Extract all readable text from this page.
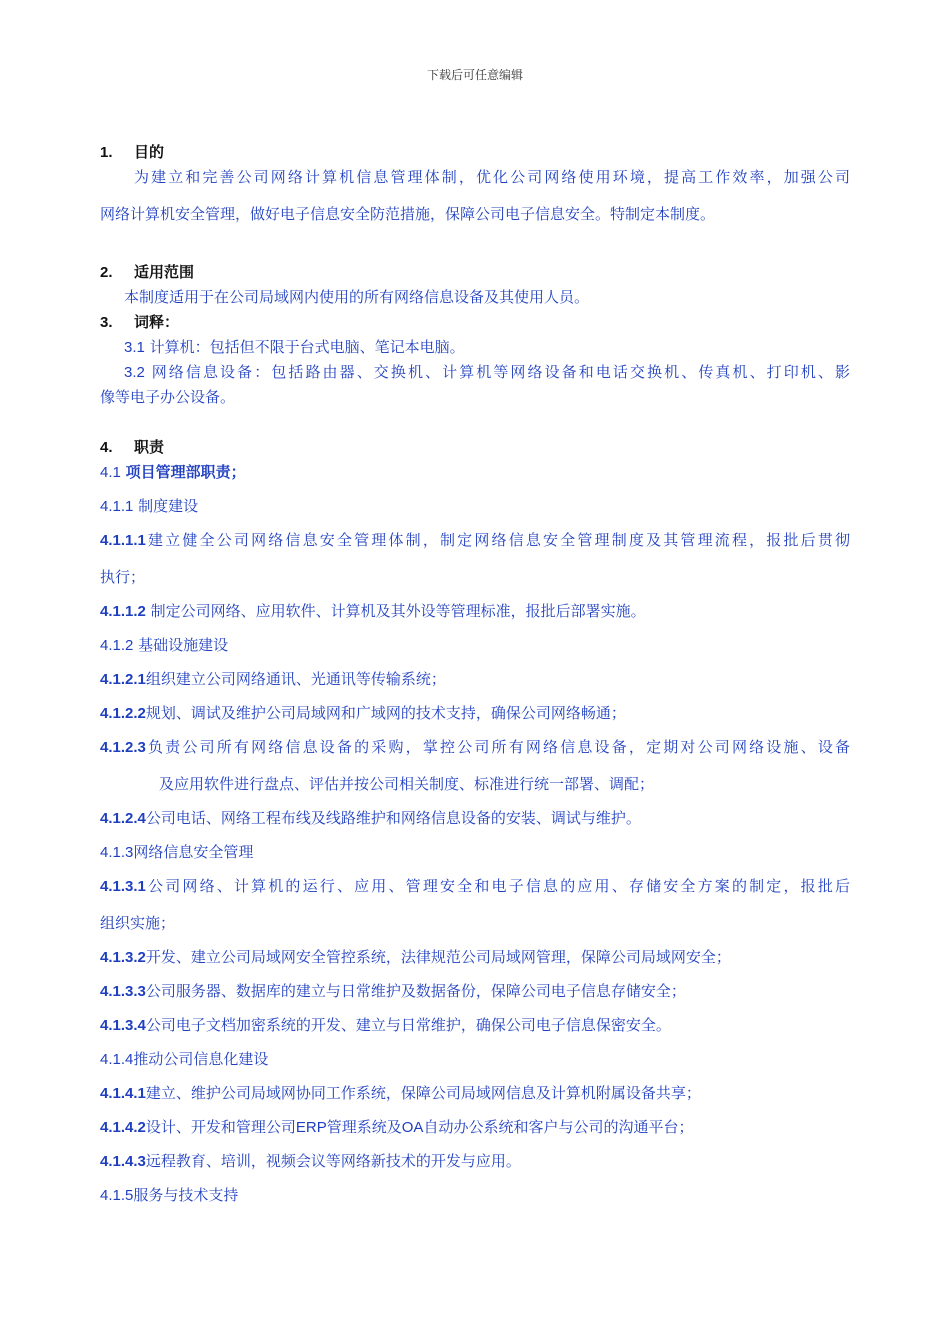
下载后可任意编辑
1. 目的
为建立和完善公司网络计算机信息管理体制，优化公司网络使用环境，提高工作效率，加强公司
网络计算机安全管理，做好电子信息安全防范措施，保障公司电子信息安全。特制定本制度。
2. 适用范围
本制度适用于在公司局域网内使用的所有网络信息设备及其使用人员。
3. 词释：
3.1 计算机：包括但不限于台式电脑、笔记本电脑。
3.2 网络信息设备：包括路由器、交换机、计算机等网络设备和电话交换机、传真机、打印机、影
像等电子办公设备。
4. 职责
4.1 项目管理部职责；
4.1.1 制度建设
4.1.1.1建立健全公司网络信息安全管理体制，制定网络信息安全管理制度及其管理流程，报批后贯彻
执行；
4.1.1.2 制定公司网络、应用软件、计算机及其外设等管理标准，报批后部署实施。
4.1.2 基础设施建设
4.1.2.1组织建立公司网络通讯、光通讯等传输系统；
4.1.2.2规划、调试及维护公司局域网和广域网的技术支持，确保公司网络畅通；
4.1.2.3负责公司所有网络信息设备的采购，掌控公司所有网络信息设备，定期对公司网络设施、设备
及应用软件进行盘点、评估并按公司相关制度、标准进行统一部署、调配；
4.1.2.4公司电话、网络工程布线及线路维护和网络信息设备的安装、调试与维护。
4.1.3网络信息安全管理
4.1.3.1公司网络、计算机的运行、应用、管理安全和电子信息的应用、存储安全方案的制定，报批后
组织实施；
4.1.3.2开发、建立公司局域网安全管控系统，法律规范公司局域网管理，保障公司局域网安全；
4.1.3.3公司服务器、数据库的建立与日常维护及数据备份，保障公司电子信息存储安全；
4.1.3.4公司电子文档加密系统的开发、建立与日常维护，确保公司电子信息保密安全。
4.1.4推动公司信息化建设
4.1.4.1建立、维护公司局域网协同工作系统，保障公司局域网信息及计算机附属设备共享；
4.1.4.2设计、开发和管理公司ERP管理系统及OA自动办公系统和客户与公司的沟通平台；
4.1.4.3远程教育、培训，视频会议等网络新技术的开发与应用。
4.1.5服务与技术支持
